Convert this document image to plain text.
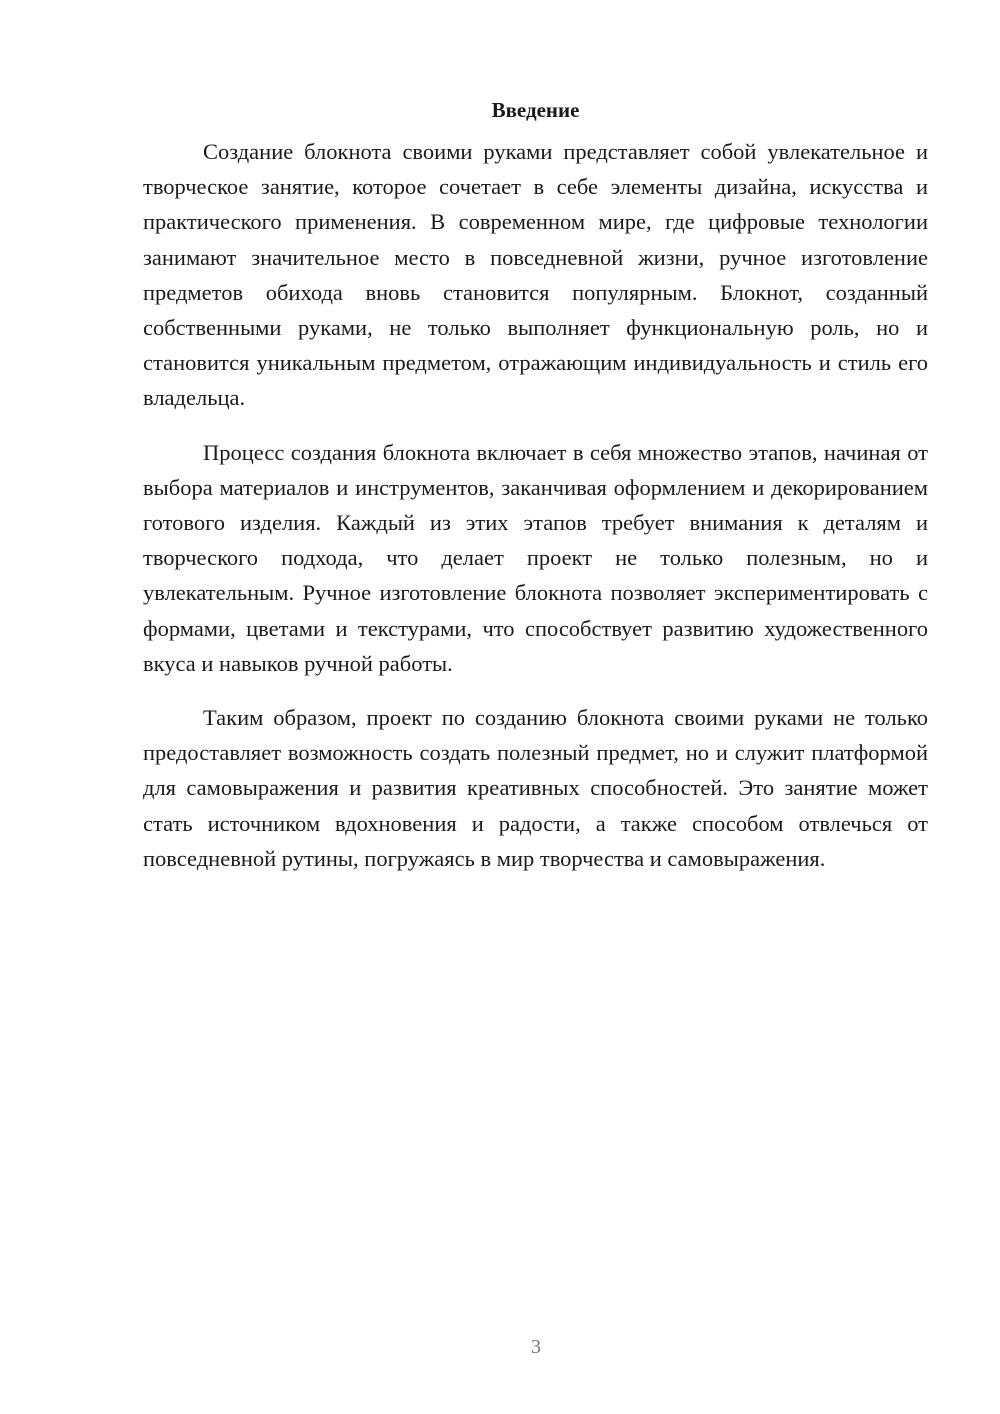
Введение

Создание блокнота своими руками представляет собой увлекательное и творческое занятие, которое сочетает в себе элементы дизайна, искусства и практического применения. В современном мире, где цифровые технологии занимают значительное место в повседневной жизни, ручное изготовление предметов обихода вновь становится популярным. Блокнот, созданный собственными руками, не только выполняет функциональную роль, но и становится уникальным предметом, отражающим индивидуальность и стиль его владельца.

Процесс создания блокнота включает в себя множество этапов, начиная от выбора материалов и инструментов, заканчивая оформлением и декорированием готового изделия. Каждый из этих этапов требует внимания к деталям и творческого подхода, что делает проект не только полезным, но и увлекательным. Ручное изготовление блокнота позволяет экспериментировать с формами, цветами и текстурами, что способствует развитию художественного вкуса и навыков ручной работы.

Таким образом, проект по созданию блокнота своими руками не только предоставляет возможность создать полезный предмет, но и служит платформой для самовыражения и развития креативных способностей. Это занятие может стать источником вдохновения и радости, а также способом отвлечься от повседневной рутины, погружаясь в мир творчества и самовыражения.

3
